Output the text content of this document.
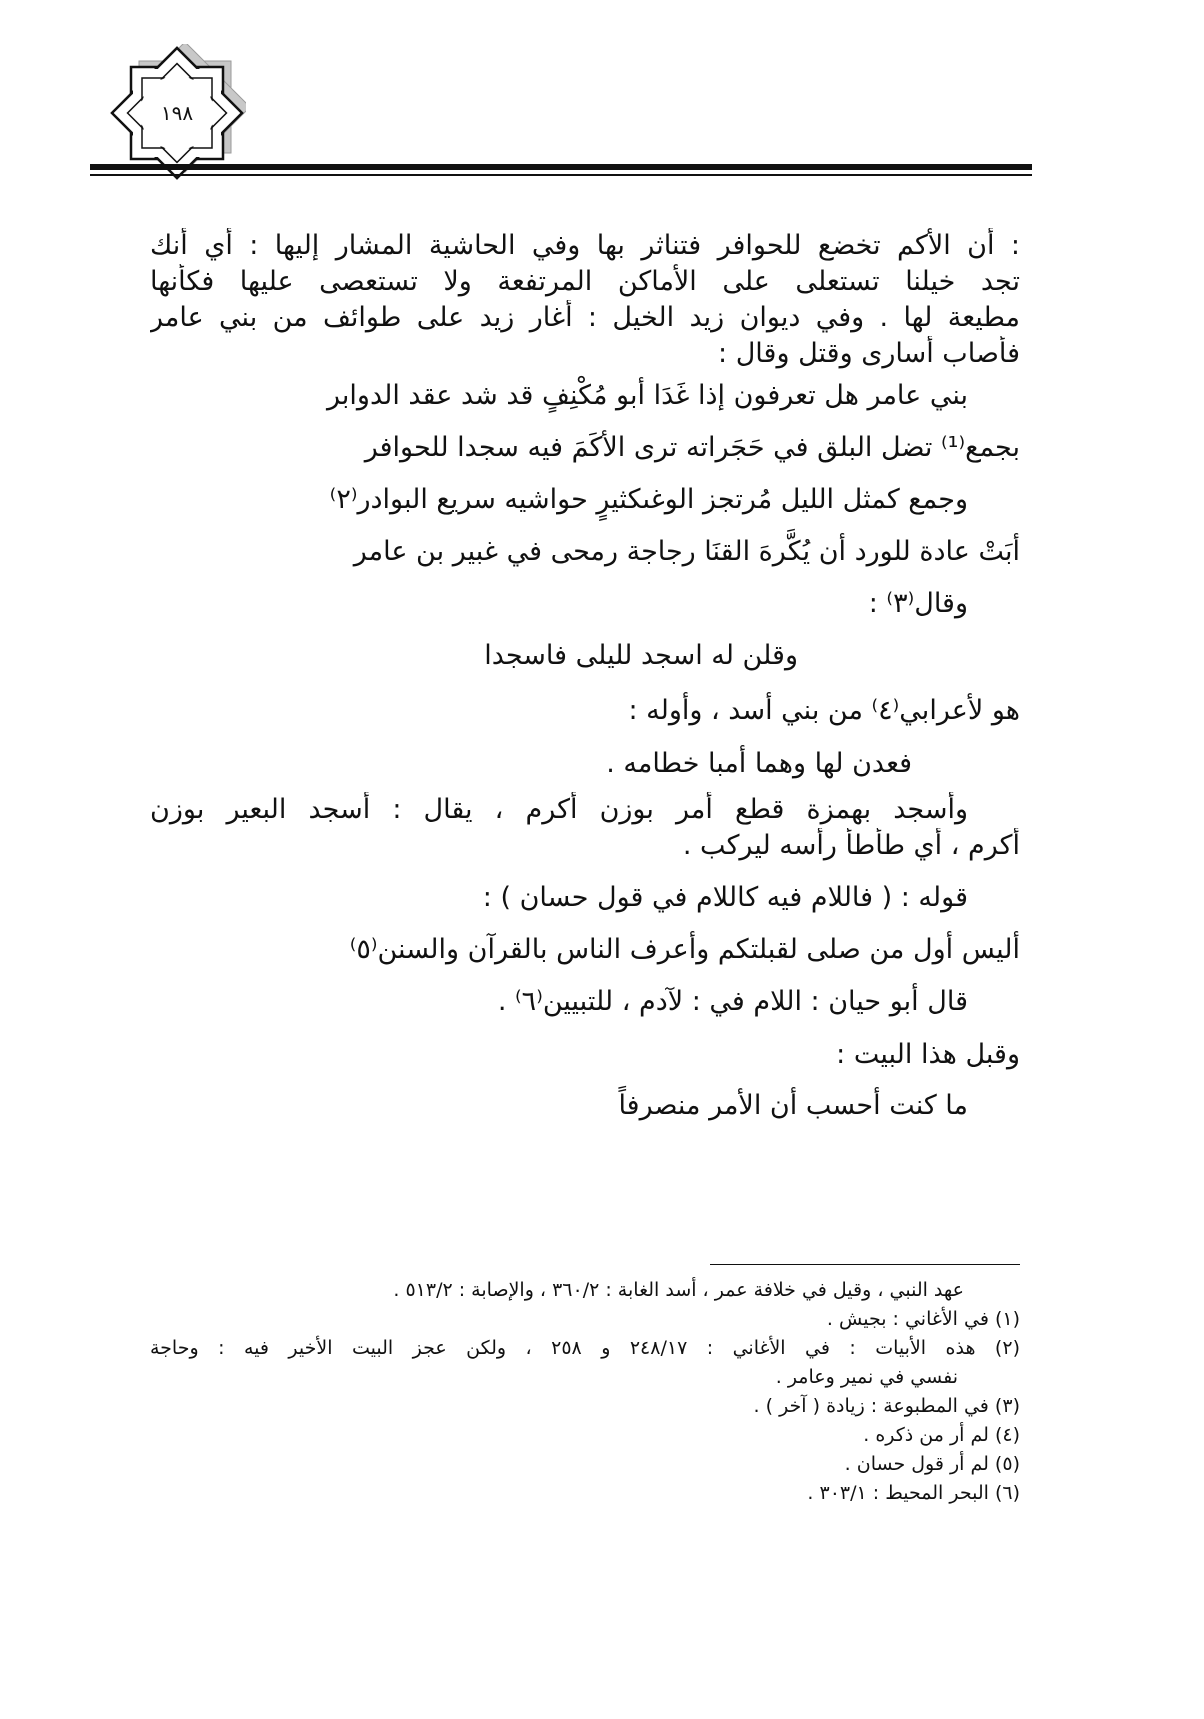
١٩٨
: أن الأكم تخضع للحوافر فتناثر بها وفي الحاشية المشار إليها : أي أنك
تجد خيلنا تستعلى على الأماكن المرتفعة ولا تستعصى عليها فكأنها
مطيعة لها . وفي ديوان زيد الخيل : أغار زيد على طوائف من بني عامر
فأصاب أسارى وقتل وقال :
بني عامر هل تعرفون إذا غَدَا أبو مُكْنِفٍ قد شد عقد الدوابر
بجمع⁽¹⁾ تضل البلق في حَجَراته ترى الأكَمَ فيه سجدا للحوافر
وجمع كمثل الليل مُرتجز الوغىكثيرٍ حواشيه سريع البوادر⁽٢⁾
أبَتْ عادة للورد أن يُكَّرهَ القنَا رجاجة رمحى في غبير بن عامر
وقال⁽٣⁾ :
وقلن له اسجد لليلى فاسجدا
هو لأعرابي⁽٤⁾ من بني أسد ، وأوله :
فعدن لها وهما أمبا خطامه .
وأسجد بهمزة قطع أمر بوزن أكرم ، يقال : أسجد البعير بوزن
أكرم ، أي طأطأ رأسه ليركب .
قوله : ( فاللام فيه كاللام في قول حسان ) :
أليس أول من صلى لقبلتكم وأعرف الناس بالقرآن والسنن⁽٥⁾
قال أبو حيان : اللام في : لآدم ، للتبيين⁽٦⁾ .
وقبل هذا البيت :
ما كنت أحسب أن الأمر منصرفاً
عهد النبي ، وقيل في خلافة عمر ، أسد الغابة : ٣٦٠/٢ ، والإصابة : ٥١٣/٢ .
(١) في الأغاني : بجيش .
(٢) هذه الأبيات : في الأغاني : ٢٤٨/١٧ و ٢٥٨ ، ولكن عجز البيت الأخير فيه : وحاجة
نفسي في نمير وعامر .
(٣) في المطبوعة : زيادة ( آخر ) .
(٤) لم أر من ذكره .
(٥) لم أر قول حسان .
(٦) البحر المحيط : ٣٠٣/١ .
